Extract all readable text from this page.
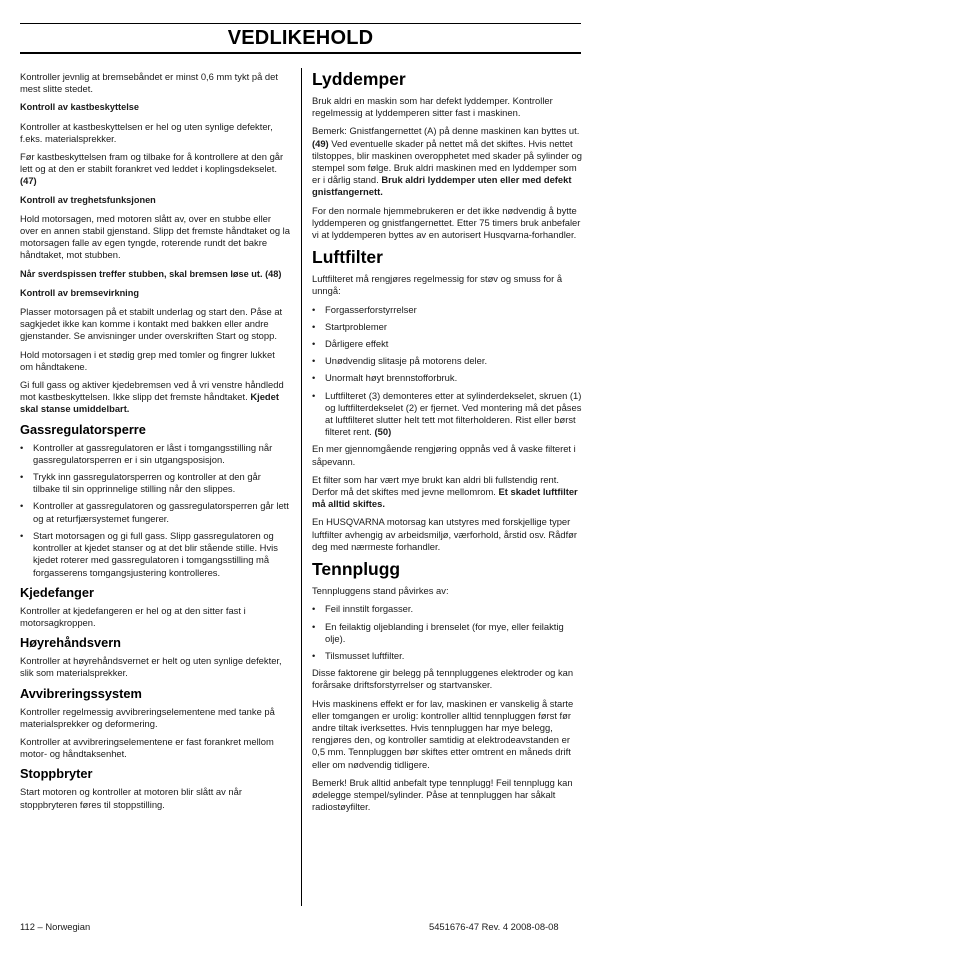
VEDLIKEHOLD

Kontroller jevnlig at bremsebåndet er minst 0,6 mm tykt på det mest slitte stedet.

Kontroll av kastbeskyttelse

Kontroller at kastbeskyttelsen er hel og uten synlige defekter, f.eks. materialsprekker.

Før kastbeskyttelsen fram og tilbake for å kontrollere at den går lett og at den er stabilt forankret ved leddet i koplingsdekselet. (47)

Kontroll av treghetsfunksjonen

Hold motorsagen, med motoren slått av, over en stubbe eller over en annen stabil gjenstand. Slipp det fremste håndtaket og la motorsagen falle av egen tyngde, roterende rundt det bakre håndtaket, mot stubben.

Når sverdspissen treffer stubben, skal bremsen løse ut. (48)

Kontroll av bremsevirkning

Plasser motorsagen på et stabilt underlag og start den. Påse at sagkjedet ikke kan komme i kontakt med bakken eller andre gjenstander. Se anvisninger under overskriften Start og stopp.

Hold motorsagen i et stødig grep med tomler og fingrer lukket om håndtakene.

Gi full gass og aktiver kjedebremsen ved å vri venstre håndledd mot kastbeskyttelsen. Ikke slipp det fremste håndtaket. Kjedet skal stanse umiddelbart.

Gassregulatorsperre
• Kontroller at gassregulatoren er låst i tomgangsstilling når gassregulatorsperren er i sin utgangsposisjon.
• Trykk inn gassregulatorsperren og kontroller at den går tilbake til sin opprinnelige stilling når den slippes.
• Kontroller at gassregulatoren og gassregulatorsperren går lett og at returfjærsystemet fungerer.
• Start motorsagen og gi full gass. Slipp gassregulatoren og kontroller at kjedet stanser og at det blir stående stille. Hvis kjedet roterer med gassregulatoren i tomgangsstilling må forgasserens tomgangsjustering kontrolleres.
Kjedefanger

Kontroller at kjedefangeren er hel og at den sitter fast i motorsagkroppen.

Høyrehåndsvern

Kontroller at høyrehåndsvernet er helt og uten synlige defekter, slik som materialsprekker.

Avvibreringssystem

Kontroller regelmessig avvibreringselementene med tanke på materialsprekker og deformering.

Kontroller at avvibreringselementene er fast forankret mellom motor- og håndtaksenhet.

Stoppbryter

Start motoren og kontroller at motoren blir slått av når stoppbryteren føres til stoppstilling.

Lyddemper

Bruk aldri en maskin som har defekt lyddemper. Kontroller regelmessig at lyddemperen sitter fast i maskinen.

Bemerk: Gnistfangernettet (A) på denne maskinen kan byttes ut. (49) Ved eventuelle skader på nettet må det skiftes. Hvis nettet tilstoppes, blir maskinen overopphetet med skader på sylinder og stempel som følge. Bruk aldri maskinen med en lyddemper som er i dårlig stand. Bruk aldri lyddemper uten eller med defekt gnistfangernett.

For den normale hjemmebrukeren er det ikke nødvendig å bytte lyddemperen og gnistfangernettet. Etter 75 timers bruk anbefaler vi at lyddemperen byttes av en autorisert Husqvarna-forhandler.

Luftfilter

Luftfilteret må rengjøres regelmessig for støv og smuss for å unngå:

• Forgasserforstyrrelser
• Startproblemer
• Dårligere effekt
• Unødvendig slitasje på motorens deler.
• Unormalt høyt brennstofforbruk.
• Luftfilteret (3) demonteres etter at sylinderdekselet, skruen (1) og luftfilterdekselet (2) er fjernet. Ved montering må det påses at luftfilteret slutter helt tett mot filterholderen. Rist eller børst filteret rent. (50)

En mer gjennomgående rengjøring oppnås ved å vaske filteret i såpevann.

Et filter som har vært mye brukt kan aldri bli fullstendig rent. Derfor må det skiftes med jevne mellomrom. Et skadet luftfilter må alltid skiftes.

En HUSQVARNA motorsag kan utstyres med forskjellige typer luftfilter avhengig av arbeidsmiljø, værforhold, årstid osv. Rådfør deg med nærmeste forhandler.

Tennplugg

Tennpluggens stand påvirkes av:

• Feil innstilt forgasser.
• En feilaktig oljeblanding i brenselet (for mye, eller feilaktig olje).
• Tilsmusset luftfilter.

Disse faktorene gir belegg på tennpluggenes elektroder og kan forårsake driftsforstyrrelser og startvansker.

Hvis maskinens effekt er for lav, maskinen er vanskelig å starte eller tomgangen er urolig: kontroller alltid tennpluggen først før andre tiltak iverksettes. Hvis tennpluggen har mye belegg, rengjøres den, og kontroller samtidig at elektrodeavstanden er 0,5 mm. Tennpluggen bør skiftes etter omtrent en måneds drift eller om nødvendig tidligere.

Bemerk! Bruk alltid anbefalt type tennplugg! Feil tennplugg kan ødelegge stempel/sylinder. Påse at tennpluggen har såkalt radiostøyfilter.

112 – Norwegian	5451676-47 Rev. 4 2008-08-08
